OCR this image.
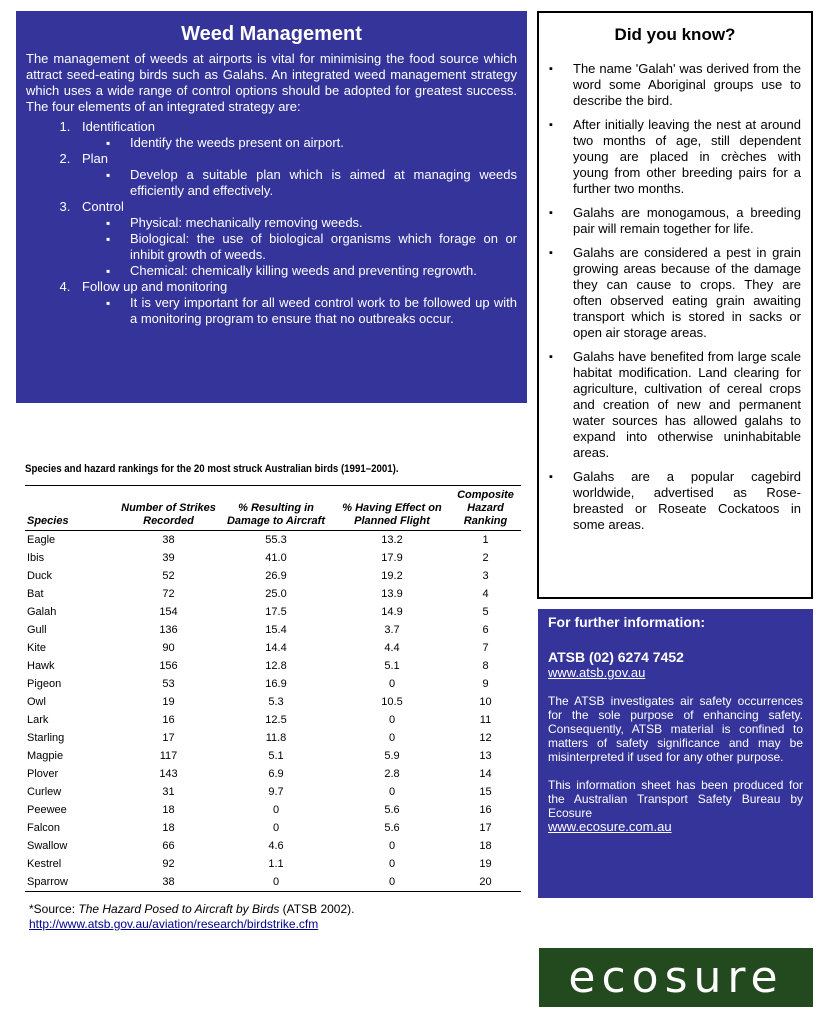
Weed Management

The management of weeds at airports is vital for minimising the food source which attract seed-eating birds such as Galahs. An integrated weed management strategy which uses a wide range of control options should be adopted for greatest success. The four elements of an integrated strategy are:

1. Identification
▪ Identify the weeds present on airport.
2. Plan
▪ Develop a suitable plan which is aimed at managing weeds efficiently and effectively.
3. Control
▪ Physical: mechanically removing weeds.
▪ Biological: the use of biological organisms which forage on or inhibit growth of weeds.
▪ Chemical: chemically killing weeds and preventing regrowth.
4. Follow up and monitoring
▪ It is very important for all weed control work to be followed up with a monitoring program to ensure that no outbreaks occur.
Did you know?
▪ The name 'Galah' was derived from the word some Aboriginal groups use to describe the bird.
▪ After initially leaving the nest at around two months of age, still dependent young are placed in crèches with young from other breeding pairs for a further two months.
▪ Galahs are monogamous, a breeding pair will remain together for life.
▪ Galahs are considered a pest in grain growing areas because of the damage they can cause to crops. They are often observed eating grain awaiting transport which is stored in sacks or open air storage areas.
▪ Galahs have benefited from large scale habitat modification. Land clearing for agriculture, cultivation of cereal crops and creation of new and permanent water sources has allowed galahs to expand into otherwise uninhabitable areas.
▪ Galahs are a popular cagebird worldwide, advertised as Rose-breasted or Roseate Cockatoos in some areas.
For further information:
ATSB (02) 6274 7452
www.atsb.gov.au

The ATSB investigates air safety occurrences for the sole purpose of enhancing safety. Consequently, ATSB material is confined to matters of safety significance and may be misinterpreted if used for any other purpose.

This information sheet has been produced for the Australian Transport Safety Bureau by Ecosure

www.ecosure.com.au
Species and hazard rankings for the 20 most struck Australian birds (1991–2001).
Species	Number of Strikes Recorded	% Resulting in Damage to Aircraft	% Having Effect on Planned Flight	Composite Hazard Ranking
Eagle	38	55.3	13.2	1
Ibis	39	41.0	17.9	2
Duck	52	26.9	19.2	3
Bat	72	25.0	13.9	4
Galah	154	17.5	14.9	5
Gull	136	15.4	3.7	6
Kite	90	14.4	4.4	7
Hawk	156	12.8	5.1	8
Pigeon	53	16.9	0	9
Owl	19	5.3	10.5	10
Lark	16	12.5	0	11
Starling	17	11.8	0	12
Magpie	117	5.1	5.9	13
Plover	143	6.9	2.8	14
Curlew	31	9.7	0	15
Peewee	18	0	5.6	16
Falcon	18	0	5.6	17
Swallow	66	4.6	0	18
Kestrel	92	1.1	0	19
Sparrow	38	0	0	20
*Source: The Hazard Posed to Aircraft by Birds (ATSB 2002).
http://www.atsb.gov.au/aviation/research/birdstrike.cfm
ecosure
